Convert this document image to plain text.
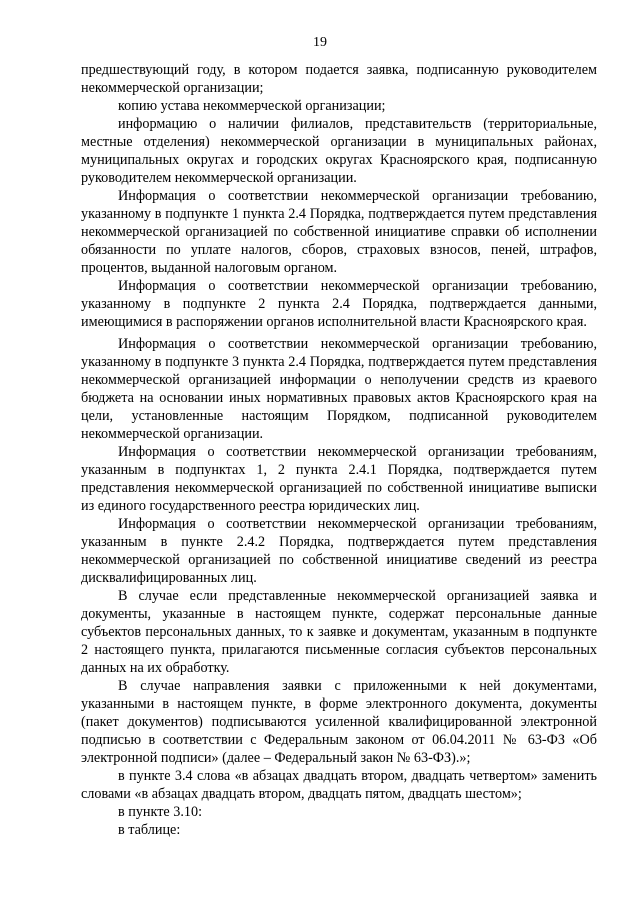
19

предшествующий году, в котором подается заявка, подписанную руководителем некоммерческой организации;

копию устава некоммерческой организации;

информацию о наличии филиалов, представительств (территориальные, местные отделения) некоммерческой организации в муниципальных районах, муниципальных округах и городских округах Красноярского края, подписанную руководителем некоммерческой организации.

Информация о соответствии некоммерческой организации требованию, указанному в подпункте 1 пункта 2.4 Порядка, подтверждается путем представления некоммерческой организацией по собственной инициативе справки об исполнении обязанности по уплате налогов, сборов, страховых взносов, пеней, штрафов, процентов, выданной налоговым органом.

Информация о соответствии некоммерческой организации требованию, указанному в подпункте 2 пункта 2.4 Порядка, подтверждается данными, имеющимися в распоряжении органов исполнительной власти Красноярского края.

Информация о соответствии некоммерческой организации требованию, указанному в подпункте 3 пункта 2.4 Порядка, подтверждается путем представления некоммерческой организацией информации о неполучении средств из краевого бюджета на основании иных нормативных правовых актов Красноярского края на цели, установленные настоящим Порядком, подписанной руководителем некоммерческой организации.

Информация о соответствии некоммерческой организации требованиям, указанным в подпунктах 1, 2 пункта 2.4.1 Порядка, подтверждается путем представления некоммерческой организацией по собственной инициативе выписки из единого государственного реестра юридических лиц.

Информация о соответствии некоммерческой организации требованиям, указанным в пункте 2.4.2 Порядка, подтверждается путем представления некоммерческой организацией по собственной инициативе сведений из реестра дисквалифицированных лиц.

В случае если представленные некоммерческой организацией заявка и документы, указанные в настоящем пункте, содержат персональные данные субъектов персональных данных, то к заявке и документам, указанным в подпункте 2 настоящего пункта, прилагаются письменные согласия субъектов персональных данных на их обработку.

В случае направления заявки с приложенными к ней документами, указанными в настоящем пункте, в форме электронного документа, документы (пакет документов) подписываются усиленной квалифицированной электронной подписью в соответствии с Федеральным законом от 06.04.2011 № 63-ФЗ «Об электронной подписи» (далее – Федеральный закон № 63-ФЗ).»;

в пункте 3.4 слова «в абзацах двадцать втором, двадцать четвертом» заменить словами «в абзацах двадцать втором, двадцать пятом, двадцать шестом»;

в пункте 3.10:

в таблице:
